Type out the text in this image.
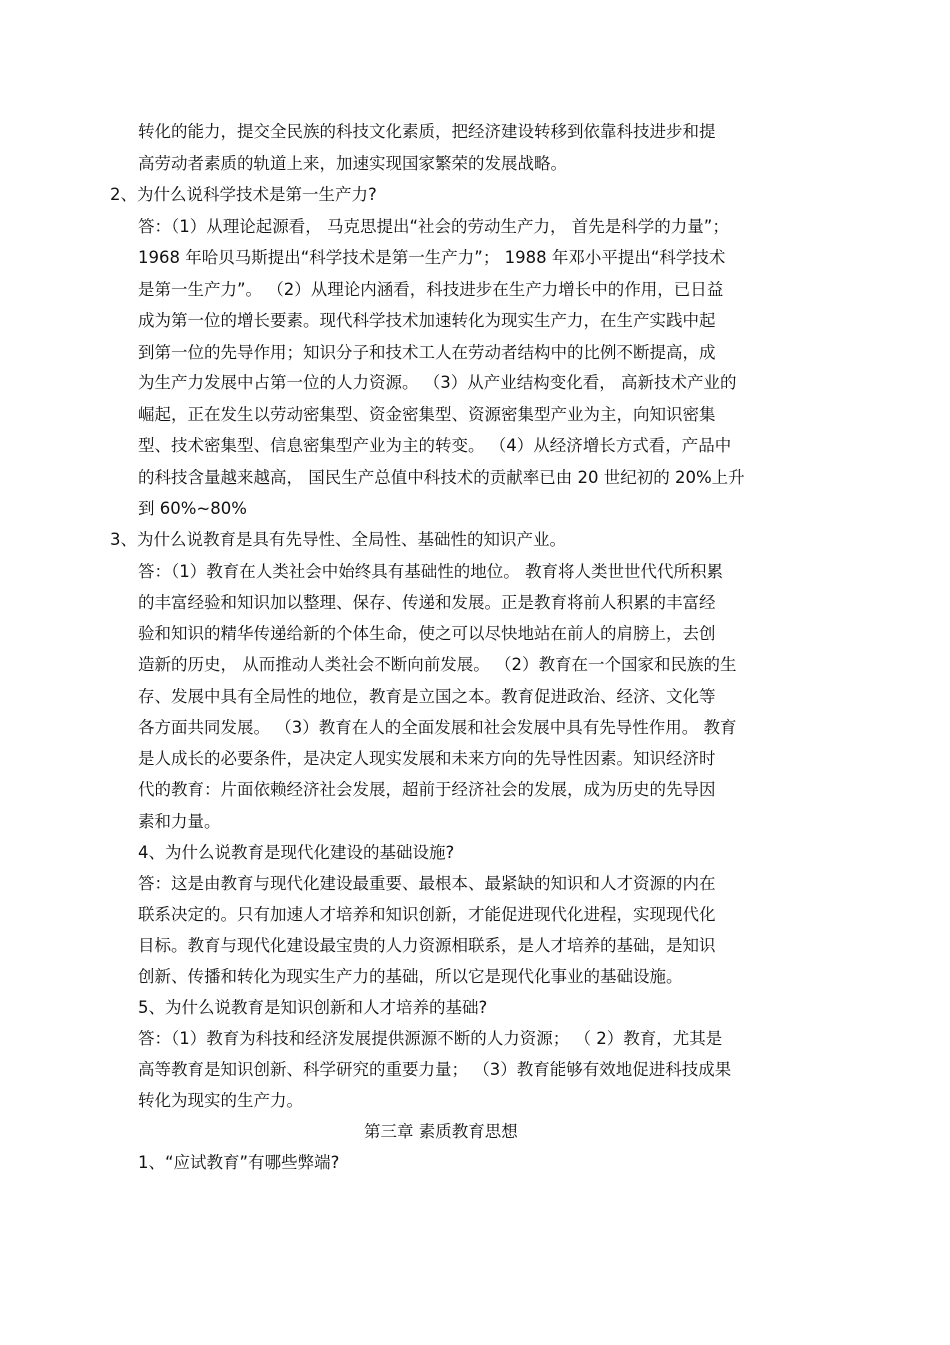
转化的能力，提交全民族的科技文化素质，把经济建设转移到依靠科技进步和提

高劳动者素质的轨道上来，加速实现国家繁荣的发展战略。

2、为什么说科学技术是第一生产力?

答：（1）从理论起源看， 马克思提出“社会的劳动生产力， 首先是科学的力量”；

1968 年哈贝马斯提出“科学技术是第一生产力”； 1988 年邓小平提出“科学技术

是第一生产力”。 （2）从理论内涵看，科技进步在生产力增长中的作用，已日益

成为第一位的增长要素。现代科学技术加速转化为现实生产力，在生产实践中起

到第一位的先导作用；知识分子和技术工人在劳动者结构中的比例不断提高，成

为生产力发展中占第一位的人力资源。 （3）从产业结构变化看， 高新技术产业的

崛起，正在发生以劳动密集型、资金密集型、资源密集型产业为主，向知识密集

型、技术密集型、信息密集型产业为主的转变。 （4）从经济增长方式看，产品中

的科技含量越来越高， 国民生产总值中科技术的贡献率已由 20 世纪初的 20%上升

到 60%~80%

3、为什么说教育是具有先导性、全局性、基础性的知识产业。

答：（1）教育在人类社会中始终具有基础性的地位。 教育将人类世世代代所积累

的丰富经验和知识加以整理、保存、传递和发展。正是教育将前人积累的丰富经

验和知识的精华传递给新的个体生命，使之可以尽快地站在前人的肩膀上，去创

造新的历史， 从而推动人类社会不断向前发展。 （2）教育在一个国家和民族的生

存、发展中具有全局性的地位，教育是立国之本。教育促进政治、经济、文化等

各方面共同发展。 （3）教育在人的全面发展和社会发展中具有先导性作用。 教育

是人成长的必要条件，是决定人现实发展和未来方向的先导性因素。知识经济时

代的教育：片面依赖经济社会发展，超前于经济社会的发展，成为历史的先导因

素和力量。

4、为什么说教育是现代化建设的基础设施?

答：这是由教育与现代化建设最重要、最根本、最紧缺的知识和人才资源的内在

联系决定的。只有加速人才培养和知识创新，才能促进现代化进程，实现现代化

目标。教育与现代化建设最宝贵的人力资源相联系，是人才培养的基础，是知识

创新、传播和转化为现实生产力的基础，所以它是现代化事业的基础设施。

5、为什么说教育是知识创新和人才培养的基础?

答：（1）教育为科技和经济发展提供源源不断的人力资源； （ 2）教育，尤其是

高等教育是知识创新、科学研究的重要力量； （3）教育能够有效地促进科技成果

转化为现实的生产力。

第三章 素质教育思想

1、“应试教育”有哪些弊端?
